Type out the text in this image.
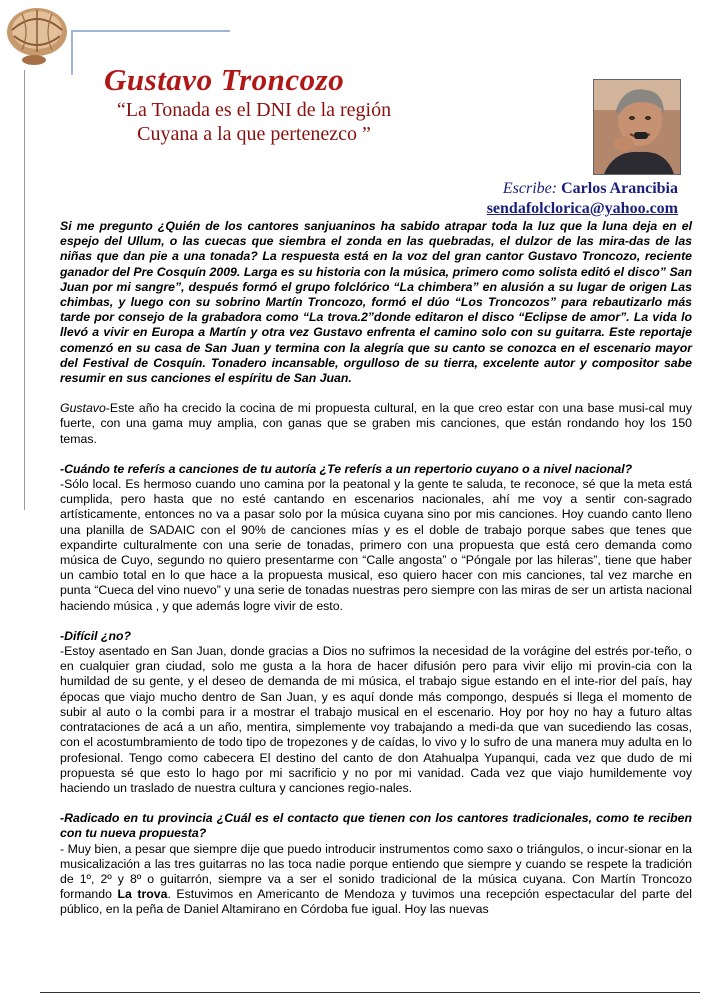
Gustavo Troncozo
“La Tonada es el DNI de la región Cuyana a la que pertenezco ”
Escribe: Carlos Arancibia
sendafolclorica@yahoo.com

Si me pregunto ¿Quién de los cantores sanjuaninos ha sabido atrapar toda la luz que la luna deja en el espejo del Ullum, o las cuecas que siembra el zonda en las quebradas, el dulzor de las mira-das de las niñas que dan pie a una tonada? La respuesta está en la voz del gran cantor Gustavo Troncozo, reciente ganador del Pre Cosquín 2009. Larga es su historia con la música, primero como solista editó el disco” San Juan por mi sangre”, después formó el grupo folclórico “La chimbera” en alusión a su lugar de origen Las chimbas, y luego con su sobrino Martín Troncozo, formó el dúo “Los Troncozos” para rebautizarlo más tarde por consejo de la grabadora como “La trova.2”donde editaron el disco “Eclipse de amor”. La vida lo llevó a vivir en Europa a Martín y otra vez Gustavo enfrenta el camino solo con su guitarra. Este reportaje comenzó en su casa de San Juan y termina con la alegría que su canto se conozca en el escenario mayor del Festival de Cosquín. Tonadero incansable, orgulloso de su tierra, excelente autor y compositor sabe resumir en sus canciones el espíritu de San Juan.

Gustavo-Este año ha crecido la cocina de mi propuesta cultural, en la que creo estar con una base musi-cal muy fuerte, con una gama muy amplia, con ganas que se graben mis canciones, que están rondando hoy los 150 temas.

-Cuándo te referís a canciones de tu autoría ¿Te referís a un repertorio cuyano o a nivel nacional?

-Sólo local. Es hermoso cuando uno camina por la peatonal y la gente te saluda, te reconoce, sé que la meta está cumplida, pero hasta que no esté cantando en escenarios nacionales, ahí me voy a sentir con-sagrado artísticamente, entonces no va a pasar solo por la música cuyana sino por mis canciones. Hoy cuando canto lleno una planilla de SADAIC con el 90% de canciones mías y es el doble de trabajo porque sabes que tenes que expandirte culturalmente con una serie de tonadas, primero con una propuesta que está cero demanda como música de Cuyo, segundo no quiero presentarme con “Calle angosta” o “Póngale por las hileras”, tiene que haber un cambio total en lo que hace a la propuesta musical, eso quiero hacer con mis canciones, tal vez marche en punta “Cueca del vino nuevo” y una serie de tonadas nuestras pero siempre con las miras de ser un artista nacional haciendo música , y que además logre vivir de esto.

-Difícil ¿no?

-Estoy asentado en San Juan, donde gracias a Dios no sufrimos la necesidad de la vorágine del estrés por-teño, o en cualquier gran ciudad, solo me gusta a la hora de hacer difusión pero para vivir elijo mi provin-cia con la humildad de su gente, y el deseo de demanda de mi música, el trabajo sigue estando en el inte-rior del país, hay épocas que viajo mucho dentro de San Juan, y es aquí donde más compongo, después si llega el momento de subir al auto o la combi para ir a mostrar el trabajo musical en el escenario. Hoy por hoy no hay a futuro altas contrataciones de acá a un año, mentira, simplemente voy trabajando a medi-da que van sucediendo las cosas, con el acostumbramiento de todo tipo de tropezones y de caídas, lo vivo y lo sufro de una manera muy adulta en lo profesional. Tengo como cabecera El destino del canto de don Atahualpa Yupanqui, cada vez que dudo de mi propuesta sé que esto lo hago por mi sacrificio y no por mi vanidad. Cada vez que viajo humildemente voy haciendo un traslado de nuestra cultura y canciones regio-nales.

-Radicado en tu provincia ¿Cuál es el contacto que tienen con los cantores tradicionales, como te reciben con tu nueva propuesta?

- Muy bien, a pesar que siempre dije que puedo introducir instrumentos como saxo o triángulos, o incur-sionar en la musicalización a las tres guitarras no las toca nadie porque entiendo que siempre y cuando se respete la tradición de 1º, 2º y 8º o guitarrón, siempre va a ser el sonido tradicional de la música cuyana. Con Martín Troncozo formando La trova. Estuvimos en Americanto de Mendoza y tuvimos una recepción espectacular del parte del público, en la peña de Daniel Altamirano en Córdoba fue igual. Hoy las nuevas
